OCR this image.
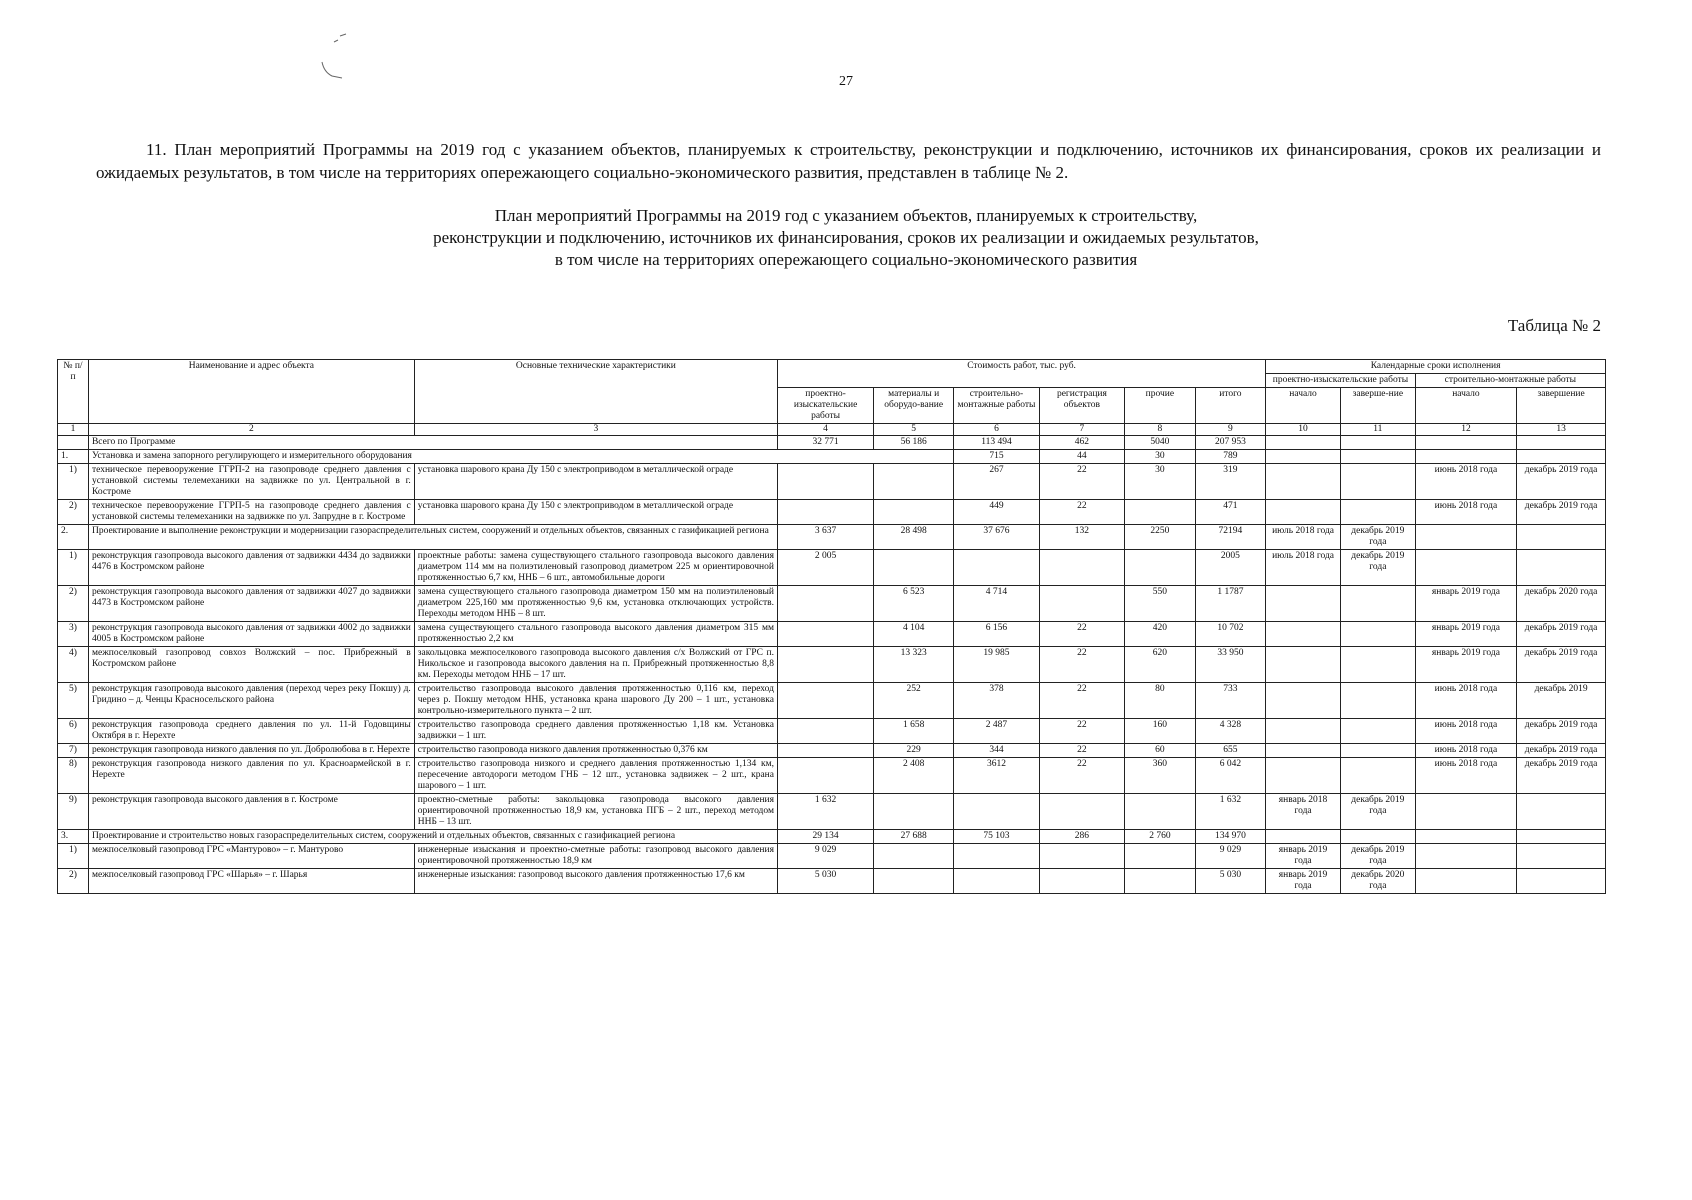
27
11. План мероприятий Программы на 2019 год с указанием объектов, планируемых к строительству, реконструкции и подключению, источников их финансирования, сроков их реализации и ожидаемых результатов, в том числе на территориях опережающего социально-экономического развития, представлен в таблице № 2.
План мероприятий Программы на 2019 год с указанием объектов, планируемых к строительству,
реконструкции и подключению, источников их финансирования, сроков их реализации и ожидаемых результатов,
в том числе на территориях опережающего социально-экономического развития
Таблица № 2
№ п/п	Наименование и адрес объекта	Основные технические характеристики	Стоимость работ, тыс. руб.						Календарные сроки исполнения			
									проектно-изыскательские работы		строительно-монтажные работы	
			проектно-изыскательские работы	материалы и оборудо-вание	строительно-монтажные работы	регистрация объектов	прочие	итого	начало	заверше-ние	начало	завершение
1	2	3	4	5	6	7	8	9	10	11	12	13
	Всего по Программе		32 771	56 186	113 494	462	5040	207 953				
1.	Установка и замена запорного регулирующего и измерительного оборудования				715	44	30	789				
1)	техническое перевооружение ГГРП-2 на газопроводе среднего давления с установкой системы телемеханики на задвижке по ул. Центральной в г. Костроме	установка шарового крана Ду 150 с электроприводом в металлической ограде			267	22	30	319			июнь 2018 года	декабрь 2019 года
2)	техническое перевооружение ГГРП-5 на газопроводе среднего давления с установкой системы телемеханики на задвижке по ул. Запрудне в г. Костроме	установка шарового крана Ду 150 с электроприводом в металлической ограде			449	22		471			июнь 2018 года	декабрь 2019 года
2.	Проектирование и выполнение реконструкции и модернизации газораспределительных систем, сооружений и отдельных объектов, связанных с газификацией региона		3 637	28 498	37 676	132	2250	72194	июль 2018 года	декабрь 2019 года		
1)	реконструкция газопровода высокого давления от задвижки 4434 до задвижки 4476 в Костромском районе	проектные работы: замена существующего стального газопровода высокого давления диаметром 114 мм на полиэтиленовый газопровод диаметром 225 м ориентировочной протяженностью 6,7 км, ННБ – 6 шт., автомобильные дороги	2 005					2005	июль 2018 года	декабрь 2019 года		
2)	реконструкция газопровода высокого давления от задвижки 4027 до задвижки 4473 в Костромском районе	замена существующего стального газопровода диаметром 150 мм на полиэтиленовый диаметром 225,160 мм протяженностью 9,6 км, установка отключающих устройств. Переходы методом ННБ – 8 шт.		6 523	4 714		550	1 1787			январь 2019 года	декабрь 2020 года
3)	реконструкция газопровода высокого давления от задвижки 4002 до задвижки 4005 в Костромском районе	замена существующего стального газопровода высокого давления диаметром 315 мм протяженностью 2,2 км		4 104	6 156	22	420	10 702			январь 2019 года	декабрь 2019 года
4)	межпоселковый газопровод совхоз Волжский – пос. Прибрежный в Костромском районе	закольцовка межпоселкового газопровода высокого давления с/х Волжский от ГРС п. Никольское и газопровода высокого давления на п. Прибрежный протяженностью 8,8 км. Переходы методом ННБ – 17 шт.		13 323	19 985	22	620	33 950			январь 2019 года	декабрь 2019 года
5)	реконструкция газопровода высокого давления (переход через реку Покшу) д. Гридино – д. Ченцы Красносельского района	строительство газопровода высокого давления протяженностью 0,116 км, переход через р. Покшу методом ННБ, установка крана шарового Ду 200 – 1 шт., установка контрольно-измерительного пункта – 2 шт.		252	378	22	80	733			июнь 2018 года	декабрь 2019
6)	реконструкция газопровода среднего давления по ул. 11-й Годовщины Октября в г. Нерехте	строительство газопровода среднего давления протяженностью 1,18 км. Установка задвижки – 1 шт.		1 658	2 487	22	160	4 328			июнь 2018 года	декабрь 2019 года
7)	реконструкция газопровода низкого давления по ул. Добролюбова в г. Нерехте	строительство газопровода низкого давления протяженностью 0,376 км		229	344	22	60	655			июнь 2018 года	декабрь 2019 года
8)	реконструкция газопровода низкого давления по ул. Красноармейской в г. Нерехте	строительство газопровода низкого и среднего давления протяженностью 1,134 км, пересечение автодороги методом ГНБ – 12 шт., установка задвижек – 2 шт., крана шарового – 1 шт.		2 408	3612	22	360	6 042			июнь 2018 года	декабрь 2019 года
9)	реконструкция газопровода высокого давления в г. Костроме	проектно-сметные работы: закольцовка газопровода высокого давления ориентировочной протяженностью 18,9 км, установка ПГБ – 2 шт., переход методом ННБ – 13 шт.	1 632					1 632	январь 2018 года	декабрь 2019 года		
3.	Проектирование и строительство новых газораспределительных систем, сооружений и отдельных объектов, связанных с газификацией региона		29 134	27 688	75 103	286	2 760	134 970				
1)	межпоселковый газопровод ГРС «Мантурово» – г. Мантурово	инженерные изыскания и проектно-сметные работы: газопровод высокого давления ориентировочной протяженностью 18,9 км	9 029					9 029	январь 2019 года	декабрь 2019 года		
2)	межпоселковый газопровод ГРС «Шарья» – г. Шарья	инженерные изыскания: газопровод высокого давления протяженностью 17,6 км	5 030					5 030	январь 2019 года	декабрь 2020 года		
